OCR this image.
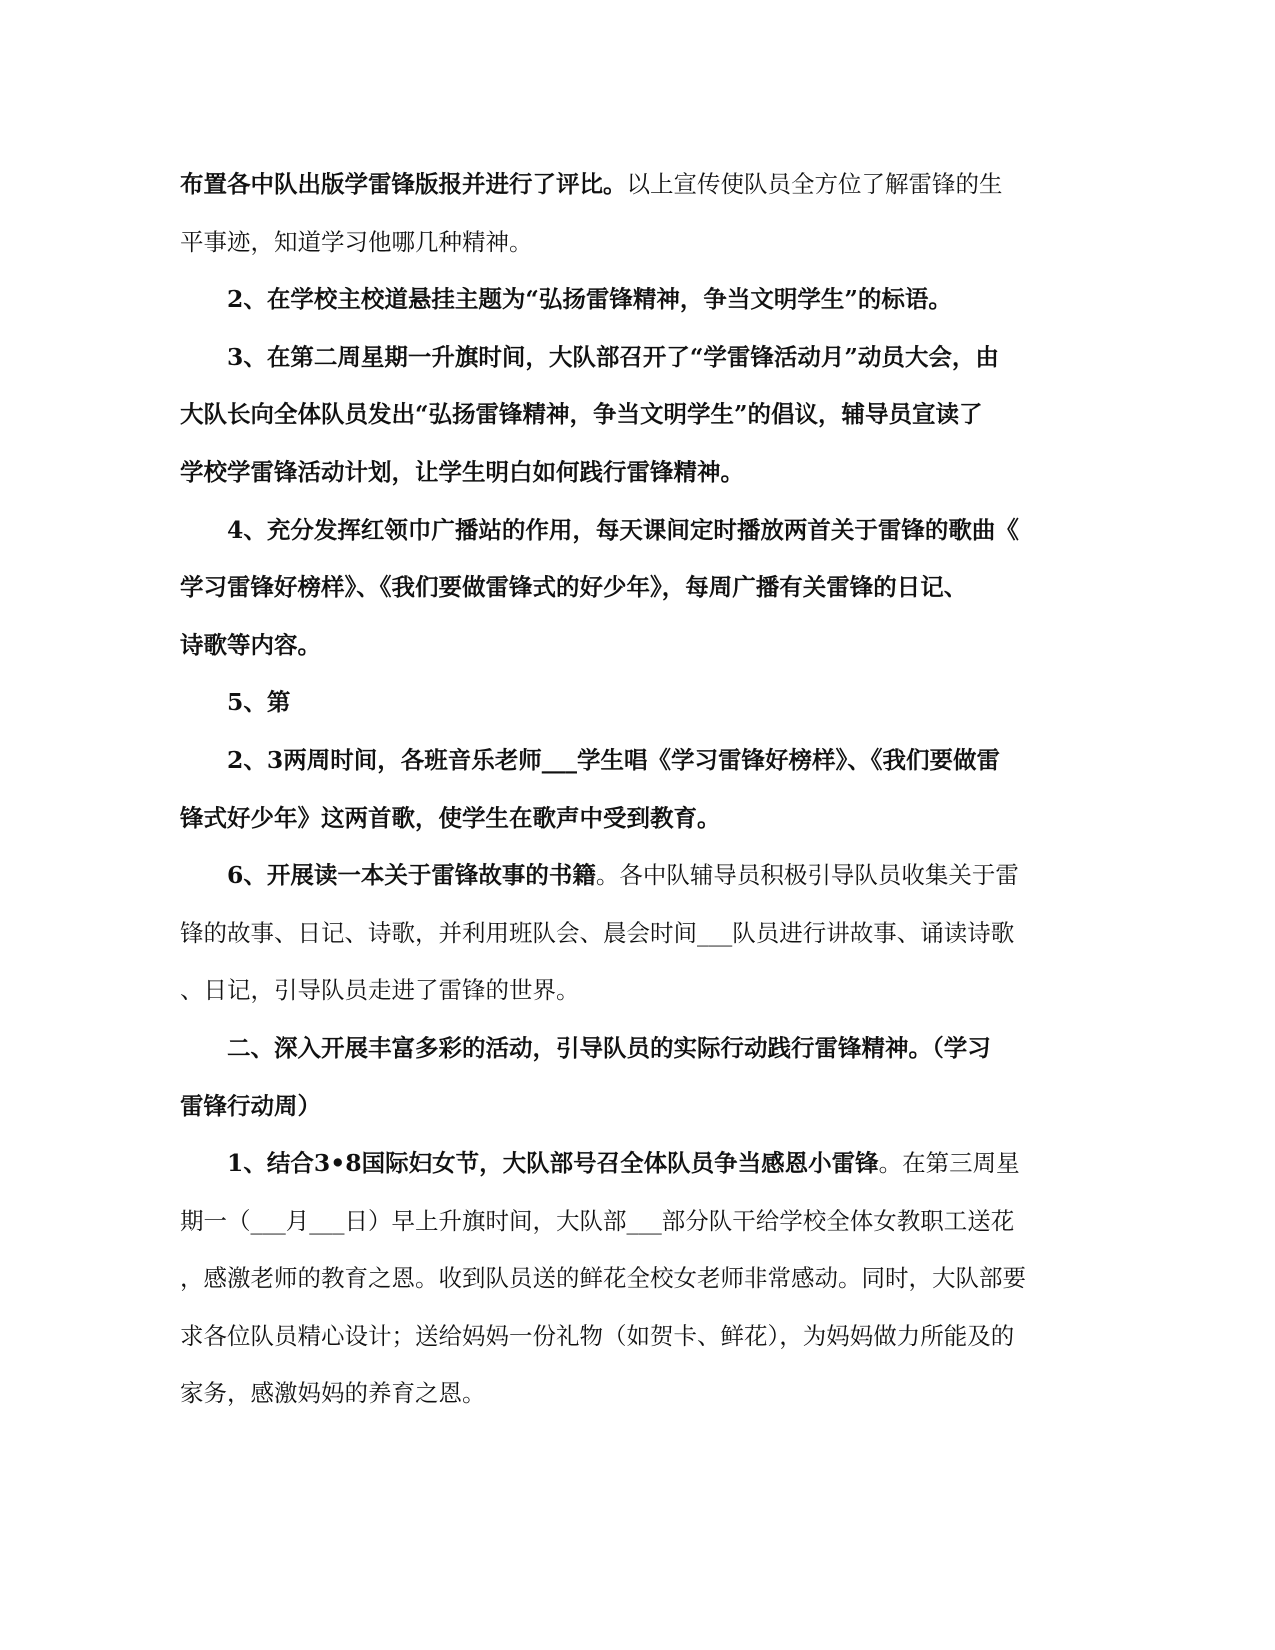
布置各中队出版学雷锋版报并进行了评比。以上宣传使队员全方位了解雷锋的生
平事迹，知道学习他哪几种精神。
2、在学校主校道悬挂主题为“弘扬雷锋精神，争当文明学生”的标语。
3、在第二周星期一升旗时间，大队部召开了“学雷锋活动月”动员大会，由
大队长向全体队员发出“弘扬雷锋精神，争当文明学生”的倡议，辅导员宣读了
学校学雷锋活动计划，让学生明白如何践行雷锋精神。
4、充分发挥红领巾广播站的作用，每天课间定时播放两首关于雷锋的歌曲《
学习雷锋好榜样》、《我们要做雷锋式的好少年》，每周广播有关雷锋的日记、
诗歌等内容。
5、第
2、3两周时间，各班音乐老师___学生唱《学习雷锋好榜样》、《我们要做雷
锋式好少年》这两首歌，使学生在歌声中受到教育。
6、开展读一本关于雷锋故事的书籍。各中队辅导员积极引导队员收集关于雷
锋的故事、日记、诗歌，并利用班队会、晨会时间___队员进行讲故事、诵读诗歌
、日记，引导队员走进了雷锋的世界。
二、深入开展丰富多彩的活动，引导队员的实际行动践行雷锋精神。（学习
雷锋行动周）
1、结合3•8国际妇女节，大队部号召全体队员争当感恩小雷锋。在第三周星
期一（___月___日）早上升旗时间，大队部___部分队干给学校全体女教职工送花
，感激老师的教育之恩。收到队员送的鲜花全校女老师非常感动。同时，大队部要
求各位队员精心设计；送给妈妈一份礼物（如贺卡、鲜花），为妈妈做力所能及的
家务，感激妈妈的养育之恩。
